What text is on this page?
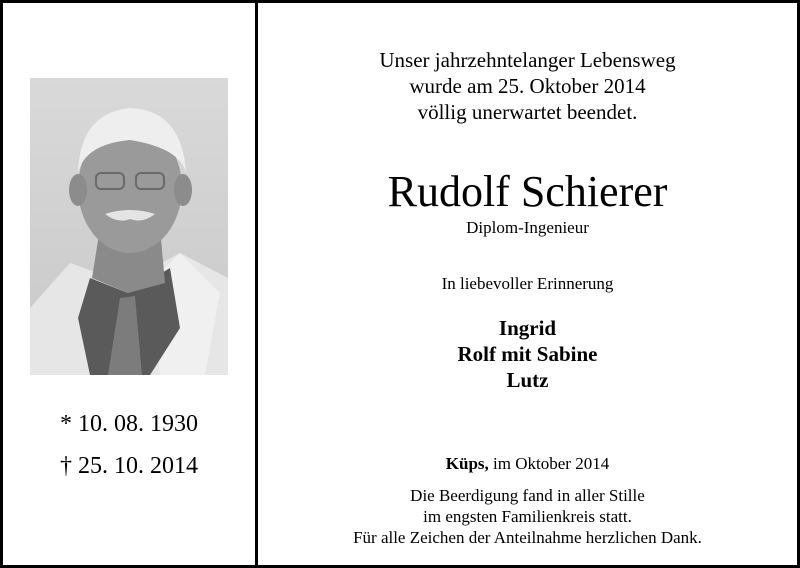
* 10. 08. 1930
† 25. 10. 2014
Unser jahrzehntelanger Lebensweg
wurde am 25. Oktober 2014
völlig unerwartet beendet.
Rudolf Schierer
Diplom-Ingenieur
In liebevoller Erinnerung
Ingrid
Rolf mit Sabine
Lutz
Küps, im Oktober 2014
Die Beerdigung fand in aller Stille
im engsten Familienkreis statt.
Für alle Zeichen der Anteilnahme herzlichen Dank.
